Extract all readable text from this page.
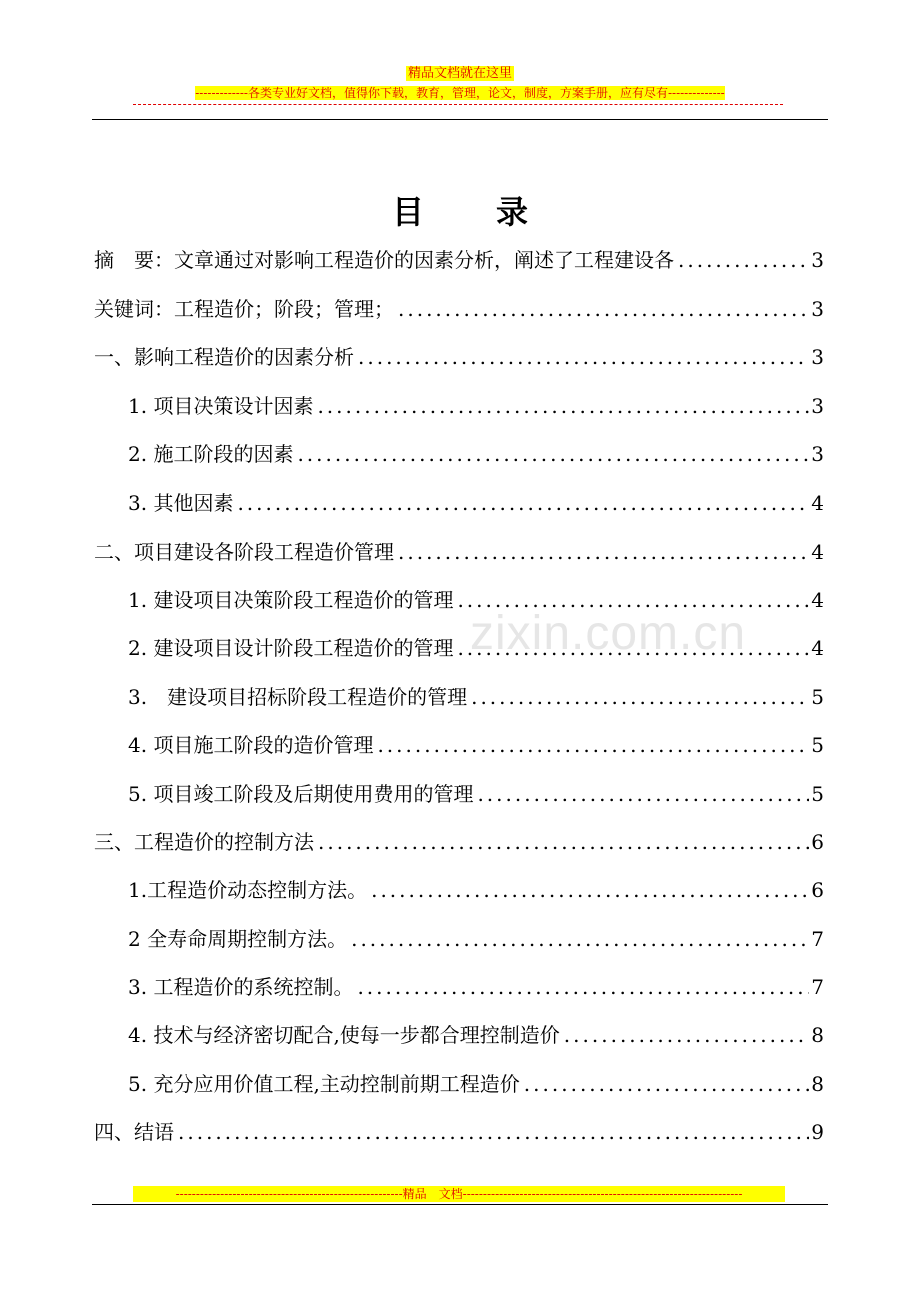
精品文档就在这里
-------------各类专业好文档，值得你下载，教育，管理，论文，制度，方案手册，应有尽有--------------
zixin.com.cn
目录
摘　要：文章通过对影响工程造价的因素分析，阐述了工程建设各 .....	3
关键词：工程造价；阶段；管理； .....	3
一、影响工程造价的因素分析 .....	3
1. 项目决策设计因素 .....	3
2. 施工阶段的因素 .....	3
3. 其他因素 .....	4
二、项目建设各阶段工程造价管理 .....	4
1. 建设项目决策阶段工程造价的管理 .....	4
2. 建设项目设计阶段工程造价的管理 .....	4
3.　建设项目招标阶段工程造价的管理 .....	5
4. 项目施工阶段的造价管理 .....	5
5. 项目竣工阶段及后期使用费用的管理 .....	5
三、工程造价的控制方法 .....	6
1.工程造价动态控制方法。 .....	6
2 全寿命周期控制方法。 .....	7
3. 工程造价的系统控制。 .....	7
4. 技术与经济密切配合,使每一步都合理控制造价 .....	8
5. 充分应用价值工程,主动控制前期工程造价 .....	8
四、结语 .....	9
--------------------------------------------------------精品　文档---------------------------------------------------------------------
